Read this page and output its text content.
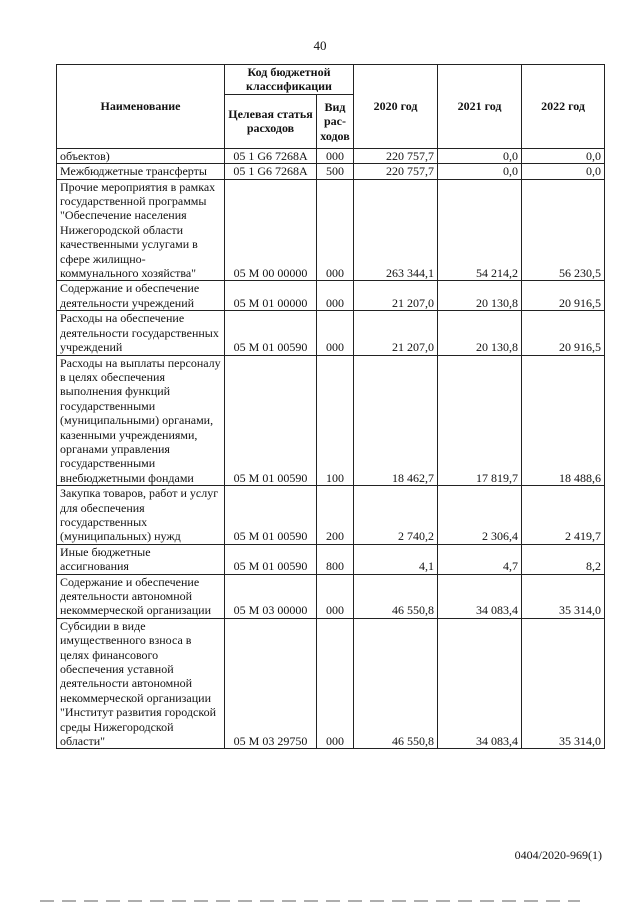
40
Наименование	Код бюджетной классификации		2020 год	2021 год	2022 год
	Целевая статья расходов	Вид рас-ходов			
объектов)	05 1 G6 7268A	000	220 757,7	0,0	0,0
Межбюджетные трансферты	05 1 G6 7268A	500	220 757,7	0,0	0,0
Прочие мероприятия в рамках государственной программы "Обеспечение населения Нижегородской области качественными услугами в сфере жилищно-коммунального хозяйства"	05 М 00 00000	000	263 344,1	54 214,2	56 230,5
Содержание и обеспечение деятельности учреждений	05 М 01 00000	000	21 207,0	20 130,8	20 916,5
Расходы на обеспечение деятельности государственных учреждений	05 М 01 00590	000	21 207,0	20 130,8	20 916,5
Расходы на выплаты персоналу в целях обеспечения выполнения функций государственными (муниципальными) органами, казенными учреждениями, органами управления государственными внебюджетными фондами	05 М 01 00590	100	18 462,7	17 819,7	18 488,6
Закупка товаров, работ и услуг для обеспечения государственных (муниципальных) нужд	05 М 01 00590	200	2 740,2	2 306,4	2 419,7
Иные бюджетные ассигнования	05 М 01 00590	800	4,1	4,7	8,2
Содержание и обеспечение деятельности автономной некоммерческой организации	05 М 03 00000	000	46 550,8	34 083,4	35 314,0
Субсидии в виде имущественного взноса в целях финансового обеспечения уставной деятельности автономной некоммерческой организации "Институт развития городской среды Нижегородской области"	05 М 03 29750	000	46 550,8	34 083,4	35 314,0
0404/2020-969(1)
